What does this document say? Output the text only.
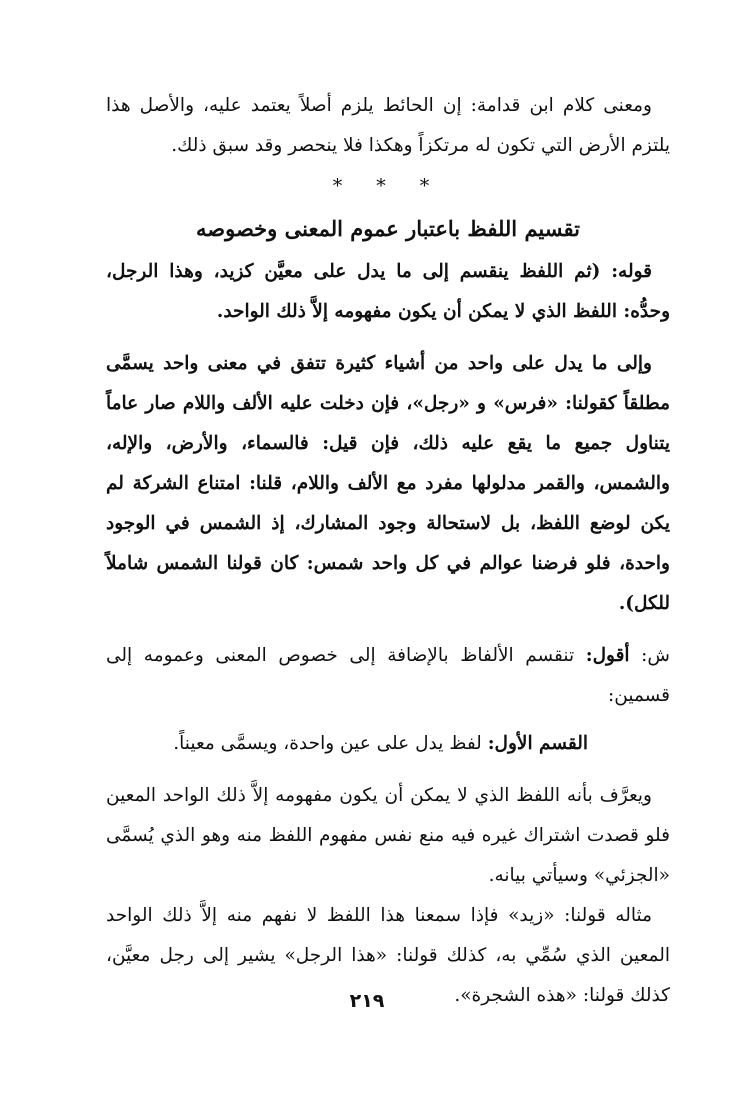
ومعنى كلام ابن قدامة: إن الحائط يلزم أصلاً يعتمد عليه، والأصل هذا يلتزم الأرض التي تكون له مرتكزاً وهكذا فلا ينحصر وقد سبق ذلك.

* * *
تقسيم اللفظ باعتبار عموم المعنى وخصوصه

قوله: (ثم اللفظ ينقسم إلى ما يدل على معيَّن كزيد، وهذا الرجل، وحدُّه: اللفظ الذي لا يمكن أن يكون مفهومه إلاَّ ذلك الواحد.

وإلى ما يدل على واحد من أشياء كثيرة تتفق في معنى واحد يسمَّى مطلقاً كقولنا: «فرس» و «رجل»، فإن دخلت عليه الألف واللام صار عاماً يتناول جميع ما يقع عليه ذلك، فإن قيل: فالسماء، والأرض، والإله، والشمس، والقمر مدلولها مفرد مع الألف واللام، قلنا: امتناع الشركة لم يكن لوضع اللفظ، بل لاستحالة وجود المشارك، إذ الشمس في الوجود واحدة، فلو فرضنا عوالم في كل واحد شمس: كان قولنا الشمس شاملاً للكل).

ش: أقول: تنقسم الألفاظ بالإضافة إلى خصوص المعنى وعمومه إلى قسمين:

القسم الأول: لفظ يدل على عين واحدة، ويسمَّى معيناً.

ويعرَّف بأنه اللفظ الذي لا يمكن أن يكون مفهومه إلاَّ ذلك الواحد المعين فلو قصدت اشتراك غيره فيه منع نفس مفهوم اللفظ منه وهو الذي يُسمَّى «الجزئي» وسيأتي بيانه.

مثاله قولنا: «زيد» فإذا سمعنا هذا اللفظ لا نفهم منه إلاَّ ذلك الواحد المعين الذي سُمِّي به، كذلك قولنا: «هذا الرجل» يشير إلى رجل معيَّن، كذلك قولنا: «هذه الشجرة».

٢١٩
